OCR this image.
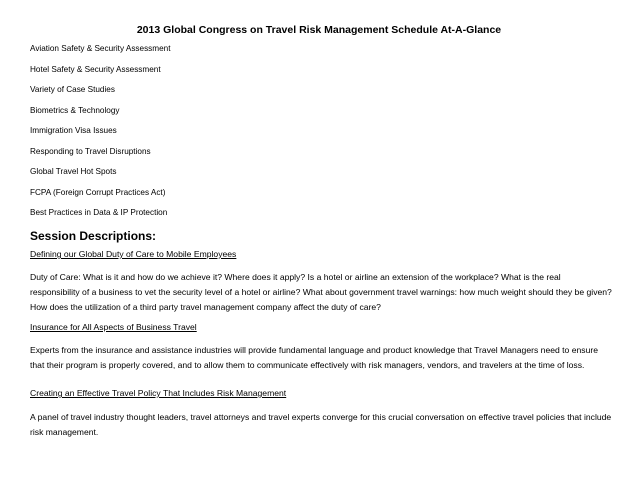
2013 Global Congress on Travel Risk Management Schedule At-A-Glance
Aviation Safety & Security Assessment
Hotel Safety & Security Assessment
Variety of Case Studies
Biometrics & Technology
Immigration Visa Issues
Responding to Travel Disruptions
Global Travel Hot Spots
FCPA (Foreign Corrupt Practices Act)
Best Practices in Data & IP Protection
Session Descriptions:
Defining our Global Duty of Care to Mobile Employees
Duty of Care: What is it and how do we achieve it? Where does it apply? Is a hotel or airline an extension of the workplace? What is the real responsibility of a business to vet the security level of a hotel or airline? What about government travel warnings: how much weight should they be given? How does the utilization of a third party travel management company affect the duty of care?
Insurance for All Aspects of Business Travel
Experts from the insurance and assistance industries will provide fundamental language and product knowledge that Travel Managers need to ensure that their program is properly covered, and to allow them to communicate effectively with risk managers, vendors, and travelers at the time of loss.
Creating an Effective Travel Policy That Includes Risk Management
A panel of travel industry thought leaders, travel attorneys and travel experts converge for this crucial conversation on effective travel policies that include risk management.
